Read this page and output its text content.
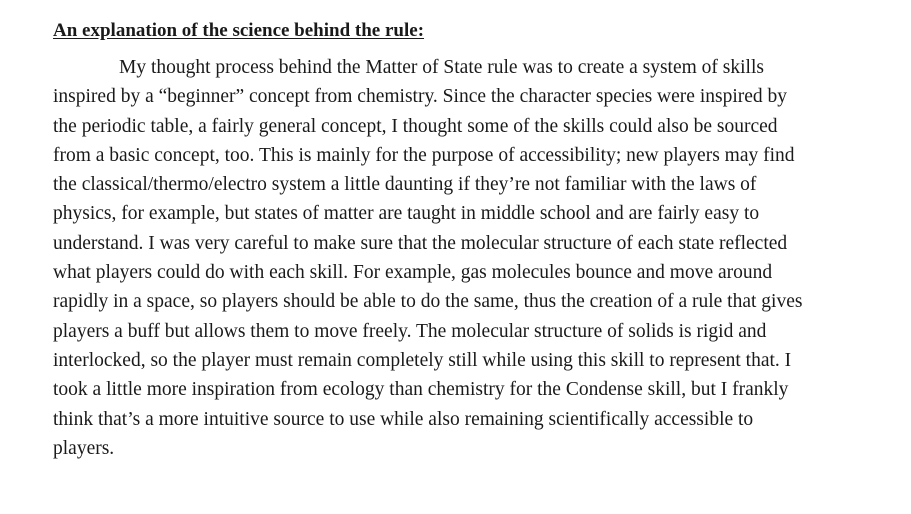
An explanation of the science behind the rule:

My thought process behind the Matter of State rule was to create a system of skills
inspired by a “beginner” concept from chemistry. Since the character species were inspired by
the periodic table, a fairly general concept, I thought some of the skills could also be sourced
from a basic concept, too. This is mainly for the purpose of accessibility; new players may find
the classical/thermo/electro system a little daunting if they’re not familiar with the laws of
physics, for example, but states of matter are taught in middle school and are fairly easy to
understand. I was very careful to make sure that the molecular structure of each state reflected
what players could do with each skill. For example, gas molecules bounce and move around
rapidly in a space, so players should be able to do the same, thus the creation of a rule that gives
players a buff but allows them to move freely. The molecular structure of solids is rigid and
interlocked, so the player must remain completely still while using this skill to represent that. I
took a little more inspiration from ecology than chemistry for the Condense skill, but I frankly
think that’s a more intuitive source to use while also remaining scientifically accessible to
players.
